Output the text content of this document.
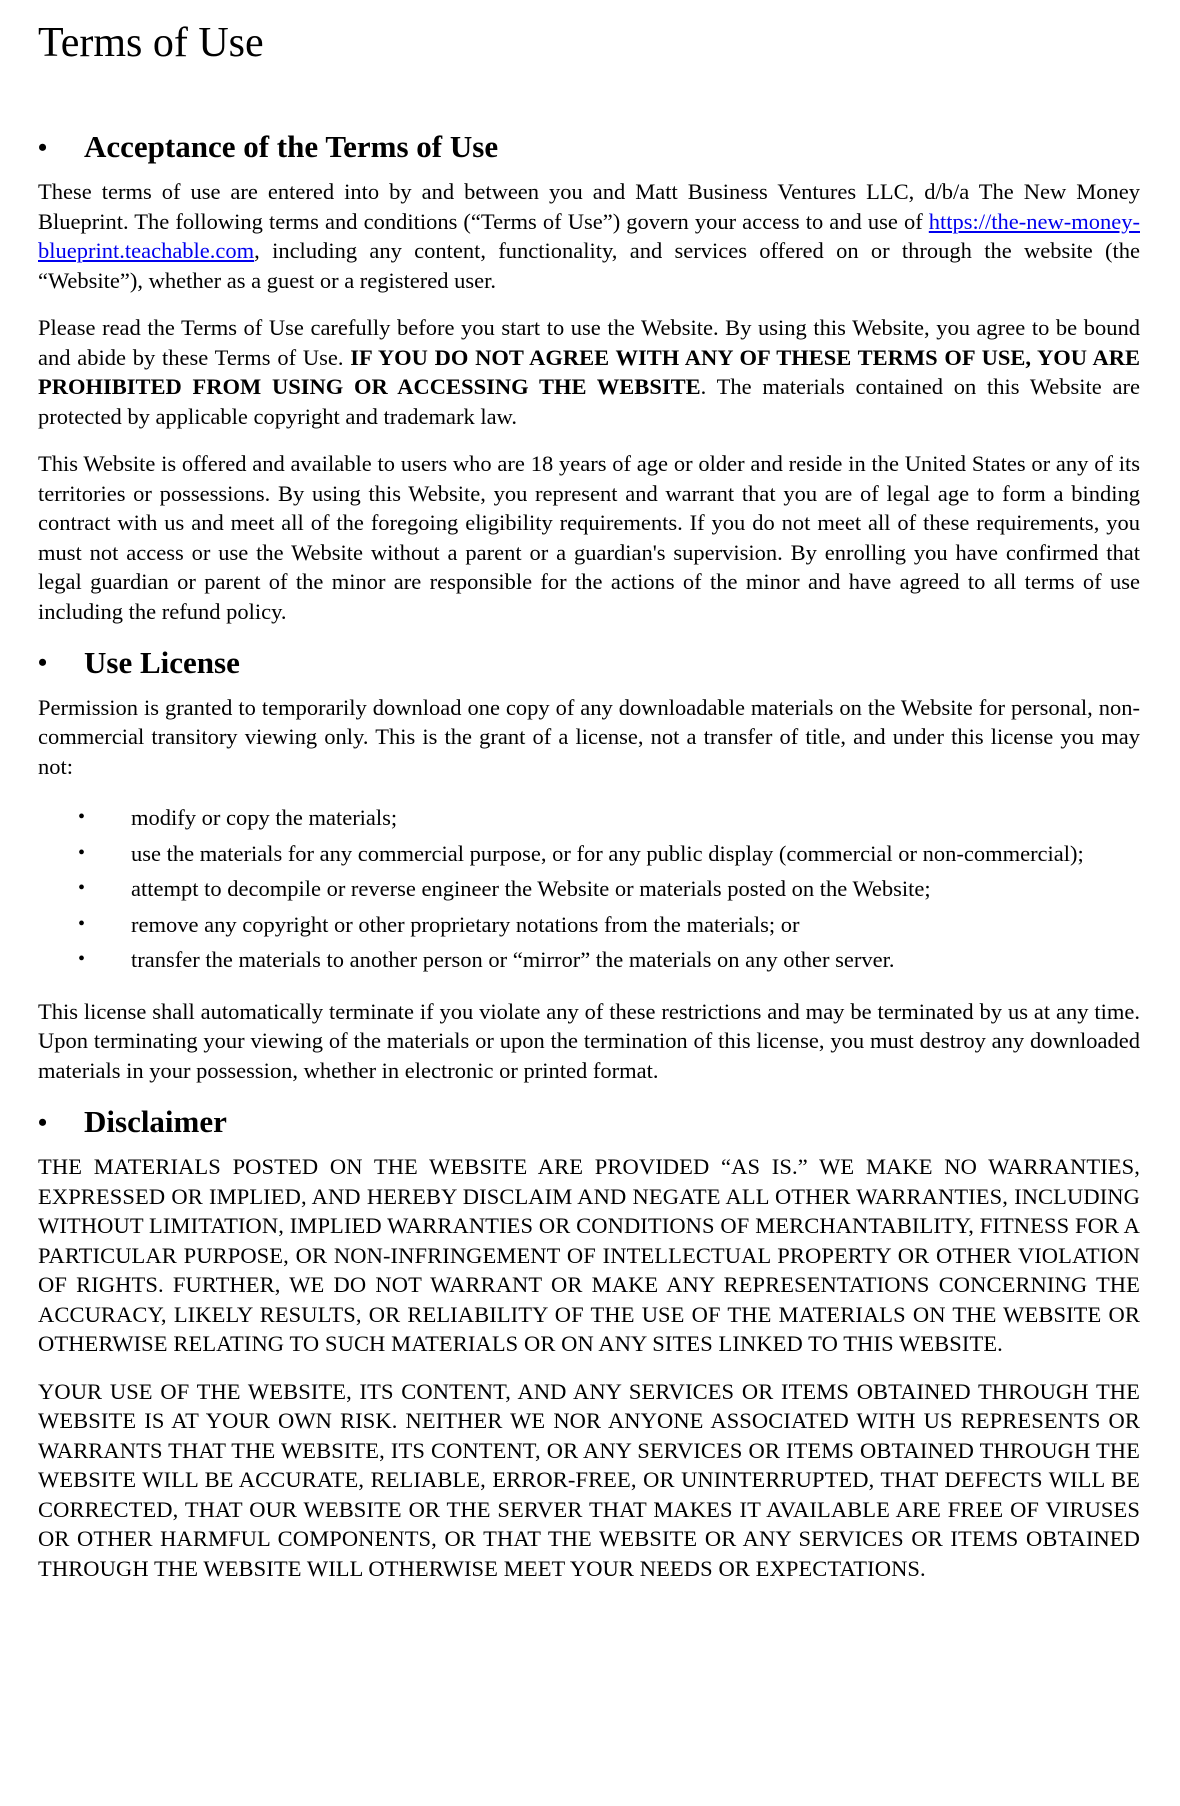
Terms of Use
•	Acceptance of the Terms of Use

These terms of use are entered into by and between you and Matt Business Ventures LLC, d/b/a The New Money Blueprint. The following terms and conditions (“Terms of Use”) govern your access to and use of https://the-new-money-blueprint.teachable.com, including any content, functionality, and services offered on or through the website (the “Website”), whether as a guest or a registered user.

Please read the Terms of Use carefully before you start to use the Website. By using this Website, you agree to be bound and abide by these Terms of Use. IF YOU DO NOT AGREE WITH ANY OF THESE TERMS OF USE, YOU ARE PROHIBITED FROM USING OR ACCESSING THE WEBSITE. The materials contained on this Website are protected by applicable copyright and trademark law.

This Website is offered and available to users who are 18 years of age or older and reside in the United States or any of its territories or possessions. By using this Website, you represent and warrant that you are of legal age to form a binding contract with us and meet all of the foregoing eligibility requirements. If you do not meet all of these requirements, you must not access or use the Website without a parent or a guardian's supervision. By enrolling you have confirmed that legal guardian or parent of the minor are responsible for the actions of the minor and have agreed to all terms of use including the refund policy.

•	Use License

Permission is granted to temporarily download one copy of any downloadable materials on the Website for personal, non-commercial transitory viewing only. This is the grant of a license, not a transfer of title, and under this license you may not:

• modify or copy the materials;
• use the materials for any commercial purpose, or for any public display (commercial or non-commercial);
• attempt to decompile or reverse engineer the Website or materials posted on the Website;
• remove any copyright or other proprietary notations from the materials; or
• transfer the materials to another person or “mirror” the materials on any other server.

This license shall automatically terminate if you violate any of these restrictions and may be terminated by us at any time. Upon terminating your viewing of the materials or upon the termination of this license, you must destroy any downloaded materials in your possession, whether in electronic or printed format.

•	Disclaimer

THE MATERIALS POSTED ON THE WEBSITE ARE PROVIDED “AS IS.” WE MAKE NO WARRANTIES, EXPRESSED OR IMPLIED, AND HEREBY DISCLAIM AND NEGATE ALL OTHER WARRANTIES, INCLUDING WITHOUT LIMITATION, IMPLIED WARRANTIES OR CONDITIONS OF MERCHANTABILITY, FITNESS FOR A PARTICULAR PURPOSE, OR NON-INFRINGEMENT OF INTELLECTUAL PROPERTY OR OTHER VIOLATION OF RIGHTS. FURTHER, WE DO NOT WARRANT OR MAKE ANY REPRESENTATIONS CONCERNING THE ACCURACY, LIKELY RESULTS, OR RELIABILITY OF THE USE OF THE MATERIALS ON THE WEBSITE OR OTHERWISE RELATING TO SUCH MATERIALS OR ON ANY SITES LINKED TO THIS WEBSITE.

YOUR USE OF THE WEBSITE, ITS CONTENT, AND ANY SERVICES OR ITEMS OBTAINED THROUGH THE WEBSITE IS AT YOUR OWN RISK. NEITHER WE NOR ANYONE ASSOCIATED WITH US REPRESENTS OR WARRANTS THAT THE WEBSITE, ITS CONTENT, OR ANY SERVICES OR ITEMS OBTAINED THROUGH THE WEBSITE WILL BE ACCURATE, RELIABLE, ERROR-FREE, OR UNINTERRUPTED, THAT DEFECTS WILL BE CORRECTED, THAT OUR WEBSITE OR THE SERVER THAT MAKES IT AVAILABLE ARE FREE OF VIRUSES OR OTHER HARMFUL COMPONENTS, OR THAT THE WEBSITE OR ANY SERVICES OR ITEMS OBTAINED THROUGH THE WEBSITE WILL OTHERWISE MEET YOUR NEEDS OR EXPECTATIONS.
